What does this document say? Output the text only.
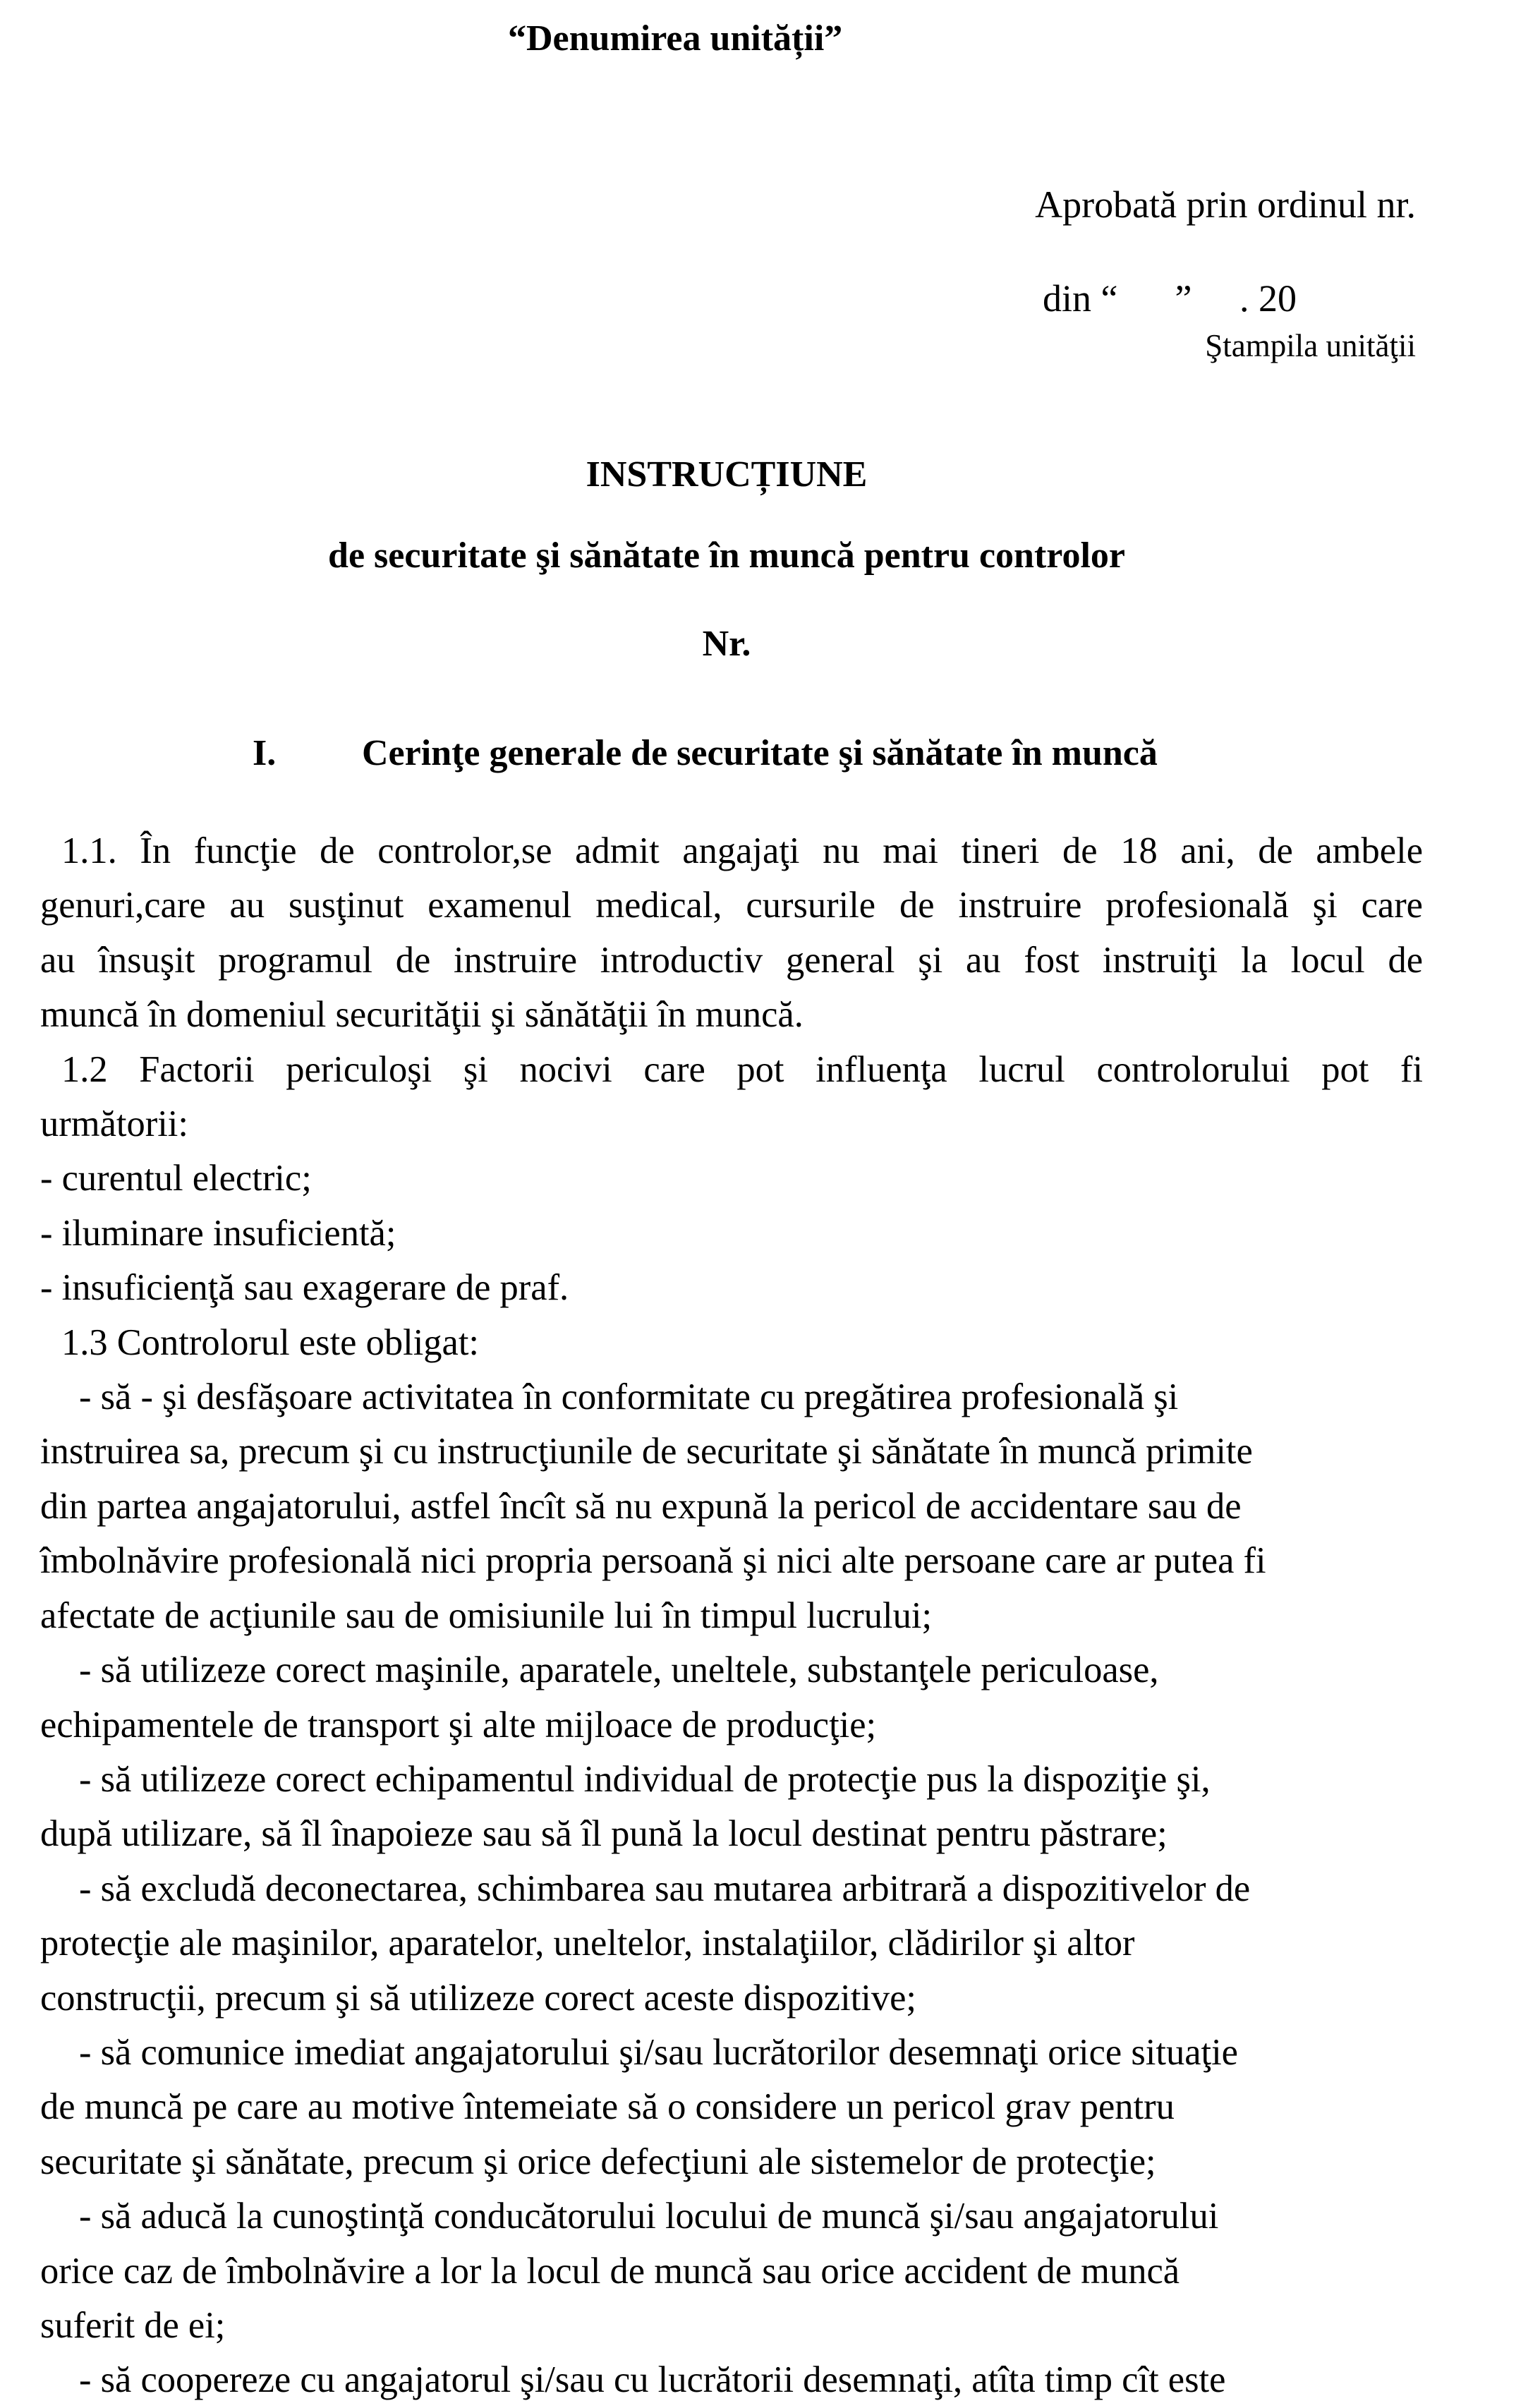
“Denumirea unității”
Aprobată prin ordinul nr.
din “      ”     . 20
Ştampila unităţii
INSTRUCȚIUNE
de securitate şi sănătate în muncă pentru controlor
Nr.
I. Cerinţe generale de securitate şi sănătate în muncă
1.1. În funcţie de controlor,se admit angajaţi nu mai tineri de 18 ani, de ambele
genuri,care au susţinut examenul medical, cursurile de instruire profesională şi care
au însuşit programul de instruire introductiv general şi au fost instruiţi la locul de
muncă în domeniul securităţii şi sănătăţii în muncă.
1.2 Factorii periculoşi şi nocivi care pot influenţa lucrul controlorului pot fi
următorii:
- curentul electric;
- iluminare insuficientă;
- insuficienţă sau exagerare de praf.
1.3 Controlorul este obligat:
- să - şi desfăşoare activitatea în conformitate cu pregătirea profesională şi
instruirea sa, precum şi cu instrucţiunile de securitate şi sănătate în muncă primite
din partea angajatorului, astfel încît să nu expună la pericol de accidentare sau de
îmbolnăvire profesională nici propria persoană şi nici alte persoane care ar putea fi
afectate de acţiunile sau de omisiunile lui în timpul lucrului;
- să utilizeze corect maşinile, aparatele, uneltele, substanţele periculoase,
echipamentele de transport şi alte mijloace de producţie;
- să utilizeze corect echipamentul individual de protecţie pus la dispoziţie şi,
după utilizare, să îl înapoieze sau să îl pună la locul destinat pentru păstrare;
- să excludă deconectarea, schimbarea sau mutarea arbitrară a dispozitivelor de
protecţie ale maşinilor, aparatelor, uneltelor, instalaţiilor, clădirilor şi altor
construcţii, precum şi să utilizeze corect aceste dispozitive;
- să comunice imediat angajatorului şi/sau lucrătorilor desemnaţi orice situaţie
de muncă pe care au motive întemeiate să o considere un pericol grav pentru
securitate şi sănătate, precum şi orice defecţiuni ale sistemelor de protecţie;
- să aducă la cunoştinţă conducătorului locului de muncă şi/sau angajatorului
orice caz de îmbolnăvire a lor la locul de muncă sau orice accident de muncă
suferit de ei;
- să coopereze cu angajatorul şi/sau cu lucrătorii desemnaţi, atîta timp cît este
